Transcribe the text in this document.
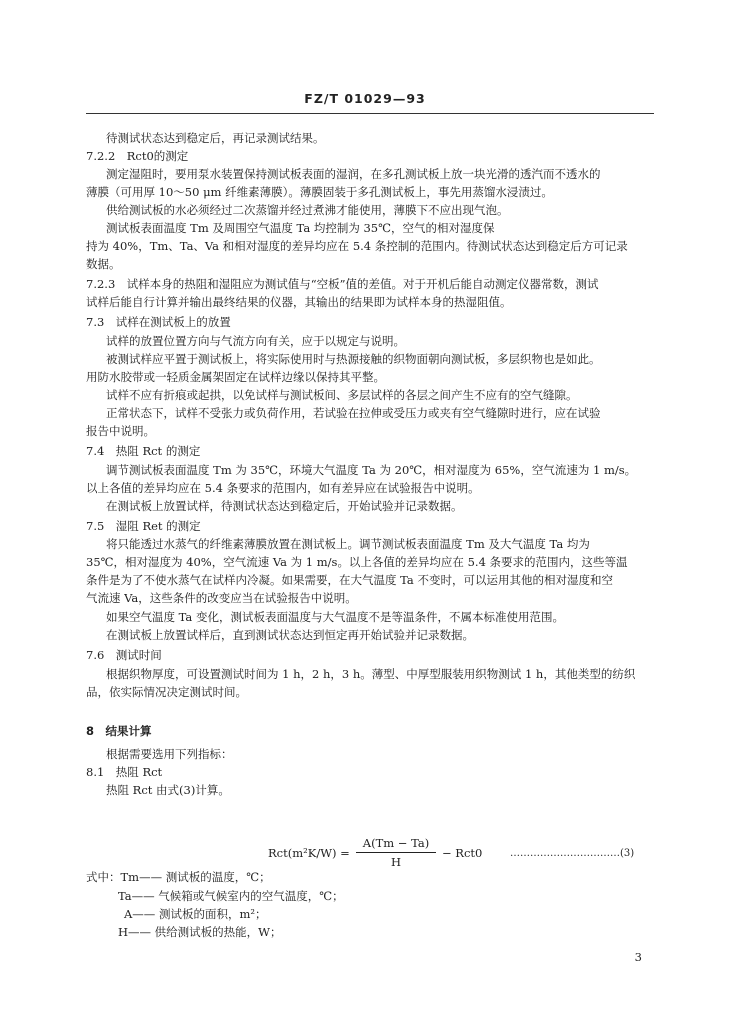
FZ/T 01029—93
待测试状态达到稳定后，再记录测试结果。
7.2.2　Rct0的测定
测定湿阻时，要用泵水装置保持测试板表面的湿润，在多孔测试板上放一块光滑的透汽而不透水的
薄膜（可用厚 10～50 μm 纤维素薄膜）。薄膜固装于多孔测试板上，事先用蒸馏水浸渍过。
供给测试板的水必须经过二次蒸馏并经过煮沸才能使用，薄膜下不应出现气泡。
测试板表面温度 Tm 及周围空气温度 Ta 均控制为 35℃，空气的相对湿度保
持为 40%，Tm、Ta、Va 和相对湿度的差异均应在 5.4 条控制的范围内。待测试状态达到稳定后方可记录
数据。
7.2.3　试样本身的热阻和湿阻应为测试值与“空板”值的差值。对于开机后能自动测定仪器常数，测试
试样后能自行计算并输出最终结果的仪器，其输出的结果即为试样本身的热湿阻值。
7.3　试样在测试板上的放置
试样的放置位置方向与气流方向有关，应于以规定与说明。
被测试样应平置于测试板上，将实际使用时与热源接触的织物面朝向测试板，多层织物也是如此。
用防水胶带或一轻质金属架固定在试样边缘以保持其平整。
试样不应有折痕或起拱，以免试样与测试板间、多层试样的各层之间产生不应有的空气缝隙。
正常状态下，试样不受张力或负荷作用，若试验在拉伸或受压力或夹有空气缝隙时进行，应在试验
报告中说明。
7.4　热阻 Rct 的测定
调节测试板表面温度 Tm 为 35℃，环境大气温度 Ta 为 20℃，相对湿度为 65%，空气流速为 1 m/s。
以上各值的差异均应在 5.4 条要求的范围内，如有差异应在试验报告中说明。
在测试板上放置试样，待测试状态达到稳定后，开始试验并记录数据。
7.5　湿阻 Ret 的测定
将只能透过水蒸气的纤维素薄膜放置在测试板上。调节测试板表面温度 Tm 及大气温度 Ta 均为
35℃，相对湿度为 40%，空气流速 Va 为 1 m/s。以上各值的差异均应在 5.4 条要求的范围内，这些等温
条件是为了不使水蒸气在试样内冷凝。如果需要，在大气温度 Ta 不变时，可以运用其他的相对湿度和空
气流速 Va，这些条件的改变应当在试验报告中说明。
如果空气温度 Ta 变化，测试板表面温度与大气温度不是等温条件，不属本标准使用范围。
在测试板上放置试样后，直到测试状态达到恒定再开始试验并记录数据。
7.6　测试时间
根据织物厚度，可设置测试时间为 1 h，2 h，3 h。薄型、中厚型服装用织物测试 1 h，其他类型的纺织
品，依实际情况决定测试时间。
8　结果计算
根据需要选用下列指标：
8.1　热阻 Rct
热阻 Rct 由式(3)计算。
Rct(m²K/W) =
A(Tm − Ta)
H
− Rct0	……………………………(3)
式中：Tm—— 测试板的温度，℃；
Ta—— 气候箱或气候室内的空气温度，℃；
A—— 测试板的面积，m²；
H—— 供给测试板的热能，W；
3
